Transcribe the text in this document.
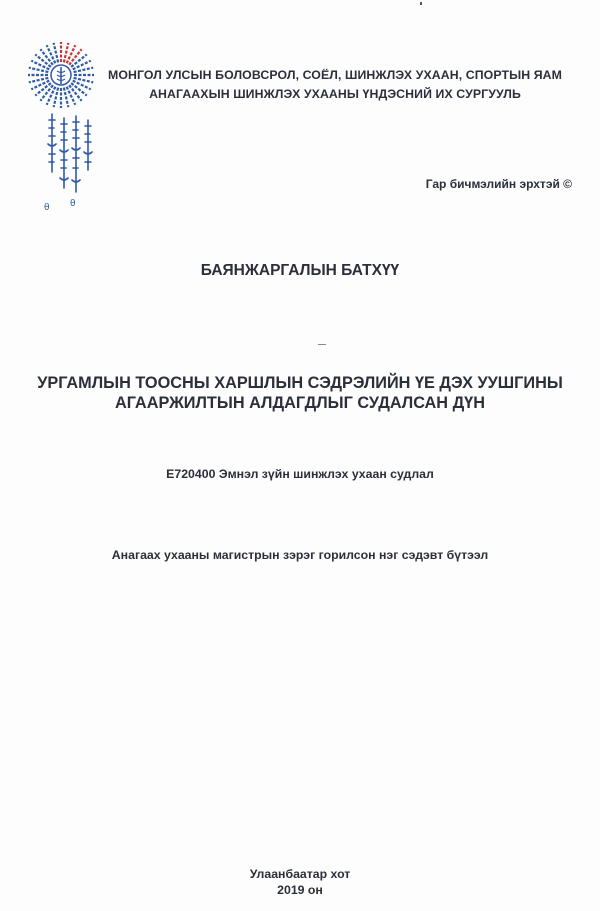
θ θ
МОНГОЛ УЛСЫН БОЛОВСРОЛ, СОЁЛ, ШИНЖЛЭХ УХААН, СПОРТЫН ЯАМ
АНАГААХЫН ШИНЖЛЭХ УХААНЫ ҮНДЭСНИЙ ИХ СУРГУУЛЬ
Гар бичмэлийн эрхтэй ©
БАЯНЖАРГАЛЫН БАТХҮҮ
УРГАМЛЫН ТООСНЫ ХАРШЛЫН СЭДРЭЛИЙН ҮЕ ДЭХ УУШГИНЫ
АГААРЖИЛТЫН АЛДАГДЛЫГ СУДАЛСАН ДҮН
Е720400 Эмнэл зүйн шинжлэх ухаан судлал
Анагаах ухааны магистрын зэрэг горилсон нэг сэдэвт бүтээл
Улаанбаатар хот
2019 он
